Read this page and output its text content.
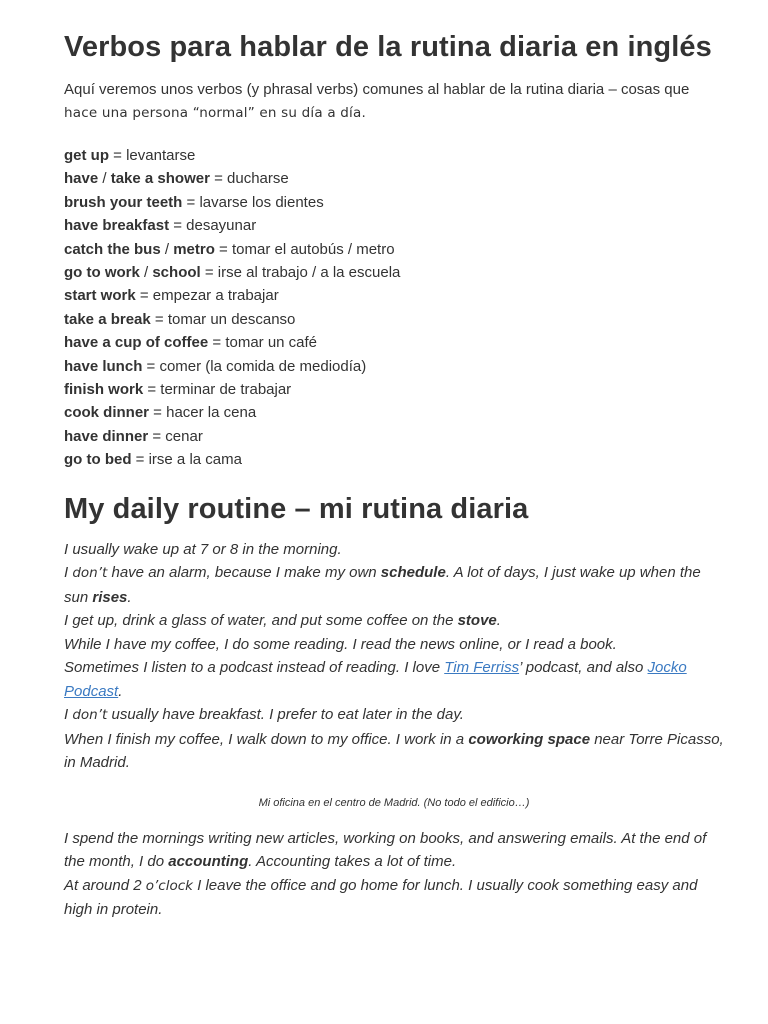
Verbos para hablar de la rutina diaria en inglés
Aquí veremos unos verbos (y phrasal verbs) comunes al hablar de la rutina diaria – cosas que
hace una persona “normal” en su día a día.
get up = levantarse
have / take a shower = ducharse
brush your teeth = lavarse los dientes
have breakfast = desayunar
catch the bus / metro = tomar el autobús / metro
go to work / school = irse al trabajo / a la escuela
start work = empezar a trabajar
take a break = tomar un descanso
have a cup of coffee = tomar un café
have lunch = comer (la comida de mediodía)
finish work = terminar de trabajar
cook dinner = hacer la cena
have dinner = cenar
go to bed = irse a la cama
My daily routine – mi rutina diaria

I usually wake up at 7 or 8 in the morning.

I don’t have an alarm, because I make my own schedule. A lot of days, I just wake up when the sun rises.

I get up, drink a glass of water, and put some coffee on the stove.

While I have my coffee, I do some reading. I read the news online, or I read a book.

Sometimes I listen to a podcast instead of reading. I love Tim Ferriss’ podcast, and also Jocko Podcast.

I don’t usually have breakfast. I prefer to eat later in the day.

When I finish my coffee, I walk down to my office. I work in a coworking space near Torre Picasso, in Madrid.

Mi oficina en el centro de Madrid. (No todo el edificio…)

I spend the mornings writing new articles, working on books, and answering emails. At the end of the month, I do accounting. Accounting takes a lot of time.

At around 2 o’clock I leave the office and go home for lunch. I usually cook something easy and high in protein.
